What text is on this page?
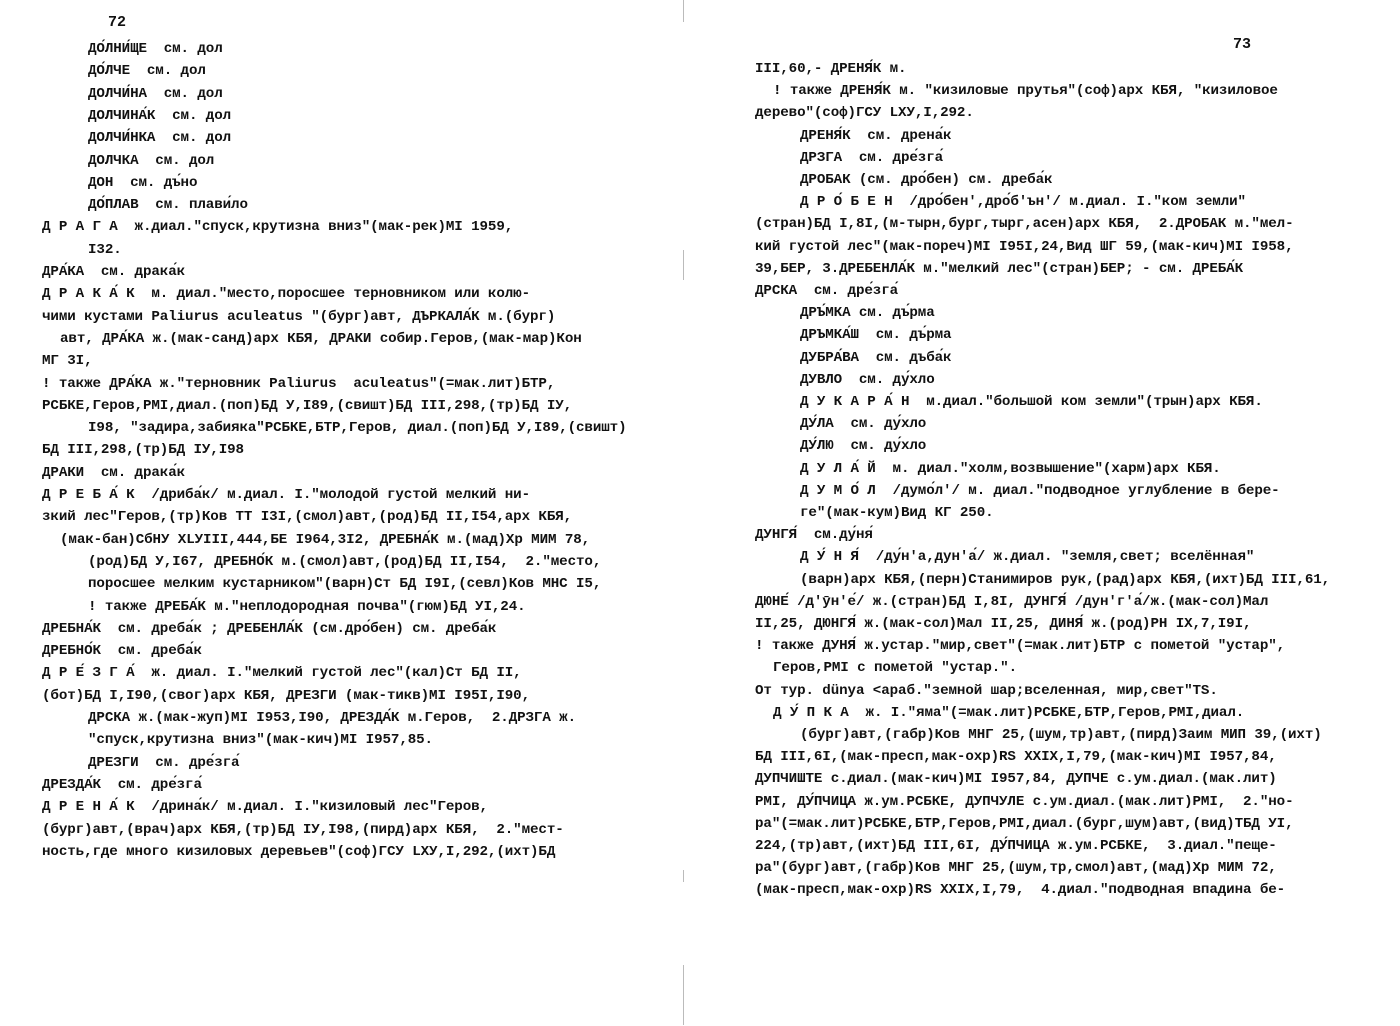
72
73
ДО́ЛНИ́ЩЕ  см. дол
ДО́ЛЧЕ  см. дол
ДОЛЧИ́НА  см. дол
ДОЛЧИНА́К  см. дол
ДОЛЧИ́НКА  см. дол
ДОЛЧКА  см. дол
ДОН  см. дъ́но
ДО́ПЛАВ  см. плави́ло
Д Р А Г А  ж.диал."спуск,крутизна вниз"(мак-рек)МI 1959,
I32.
ДРА́КА  см. драка́к
Д Р А К А́ К  м. диал."место,поросшее терновником или колю-
чими кустами Paliurus aculeatus "(бург)авт, ДЪРКАЛА́К м.(бург)
авт, ДРА́КА ж.(мак-санд)арх КБЯ, ДРАКИ собир.Геров,(мак-мар)Кон
МГ 3I,
! также ДРА́КА ж."терновник Paliurus  aculeatus"(=мак.лит)БТР,
РСБКЕ,Геров,РМI,диал.(поп)БД У,I89,(свишт)БД III,298,(тр)БД IУ,
I98, "задира,забияка"РСБКЕ,БТР,Геров, диал.(поп)БД У,I89,(свишт)
БД III,298,(тр)БД IУ,I98
ДРАКИ  см. драка́к
Д Р Е Б А́ К  /дриба́к/ м.диал. I."молодой густой мелкий ни-
зкий лес"Геров,(тр)Ков ТТ I3I,(смол)авт,(род)БД II,I54,арх КБЯ,
(мак-бан)СбНУ XLУIII,444,БЕ I964,3I2, ДРЕБНА́К м.(мад)Хр МИМ 78,
(род)БД У,I67, ДРЕБНО́К м.(смол)авт,(род)БД II,I54,  2."место,
поросшее мелким кустарником"(варн)Ст БД I9I,(севл)Ков МНС I5,
! также ДРЕБА́К м."неплодородная почва"(гюм)БД УI,24.
ДРЕБНА́К  см. дреба́к ; ДРЕБЕНЛА́К (см.дро́бен) см. дреба́к
ДРЕБНО́К  см. дреба́к
Д Р Е́ З Г А́  ж. диал. I."мелкий густой лес"(кал)Ст БД II,
(бот)БД I,I90,(свог)арх КБЯ, ДРЕЗГИ (мак-тикв)МI I95I,I90,
ДРСКА ж.(мак-жуп)МI I953,I90, ДРЕЗДА́К м.Геров,  2.ДРЗГА ж.
"спуск,крутизна вниз"(мак-кич)МI I957,85.
ДРЕЗГИ  см. дре́зга́
ДРЕЗДА́К  см. дре́зга́
Д Р Е Н А́ К  /дрина́к/ м.диал. I."кизиловый лес"Геров,
(бург)авт,(врач)арх КБЯ,(тр)БД IУ,I98,(пирд)арх КБЯ,  2."мест-
ность,где много кизиловых деревьев"(соф)ГСУ LXУ,I,292,(ихт)БД
III,60,- ДРЕНЯ́К м.
! также ДРЕНЯ́К м. "кизиловые прутья"(соф)арх КБЯ, "кизиловое
дерево"(соф)ГСУ LXУ,I,292.
ДРЕНЯ́К  см. дрена́к
ДРЗГА  см. дре́зга́
ДРОБАК (см. дро́бен) см. дреба́к
Д Р О́ Б Е Н  /дро́бен',дро́б'ън'/ м.диал. I."ком земли"
(стран)БД I,8I,(м-тырн,бург,тырг,асен)арх КБЯ,  2.ДРОБАК м."мел-
кий густой лес"(мак-пореч)МI I95I,24,Вид ШГ 59,(мак-кич)МI I958,
39,БЕР, 3.ДРЕБЕНЛА́К м."мелкий лес"(стран)БЕР; - см. ДРЕБА́К
ДРСКА  см. дре́зга́
ДРЪ́МКА см. дъ́рма
ДРЪМКА́Ш  см. дъ́рма
ДУБРА́ВА  см. дъба́к
ДУВЛО  см. ду́хло
Д У К А Р А́ Н  м.диал."большой ком земли"(трын)арх КБЯ.
ДУ́ЛА  см. ду́хло
ДУ́ЛЮ  см. ду́хло
Д У Л А́ Й  м. диал."холм,возвышение"(харм)арх КБЯ.
Д У М О́ Л  /думо́л'/ м. диал."подводное углубление в бере-
ге"(мак-кум)Вид КГ 250.
ДУНГЯ́  см.ду́ня́
Д У́ Н Я́  /ду́н'а,дун'а́/ ж.диал. "земля,свет; вселённая"
(варн)арх КБЯ,(перн)Станимиров рук,(рад)арх КБЯ,(ихт)БД III,61,
ДЮНЕ́ /д'ӯн'е́/ ж.(стран)БД I,8I, ДУНГЯ́ /дун'г'а́/ж.(мак-сол)Мал
II,25, ДЮНГЯ́ ж.(мак-сол)Мал II,25, ДИНЯ́ ж.(род)РН IX,7,I9I,
! также ДУНЯ́ ж.устар."мир,свет"(=мак.лит)БТР с пометой "устар",
Геров,РМI с пометой "устар.".
От тур. dünya <араб."земной шар;вселенная, мир,свет"TS.
Д У́ П К А  ж. I."яма"(=мак.лит)РСБКЕ,БТР,Геров,РМI,диал.
(бург)авт,(габр)Ков МНГ 25,(шум,тр)авт,(пирд)Заим МИП 39,(ихт)
БД III,6I,(мак-пресп,мак-охр)RS XXIX,I,79,(мак-кич)МI I957,84,
ДУПЧИШТЕ с.диал.(мак-кич)МI I957,84, ДУПЧЕ с.ум.диал.(мак.лит)
РМI, ДУ́ПЧИЦА ж.ум.РСБКЕ, ДУПЧУЛЕ с.ум.диал.(мак.лит)РМI,  2."но-
ра"(=мак.лит)РСБКЕ,БТР,Геров,РМI,диал.(бург,шум)авт,(вид)ТБД УI,
224,(тр)авт,(ихт)БД III,6I, ДУ́ПЧИЦА ж.ум.РСБКЕ,  3.диал."пеще-
ра"(бург)авт,(габр)Ков МНГ 25,(шум,тр,смол)авт,(мад)Хр МИМ 72,
(мак-пресп,мак-охр)RS XXIX,I,79,  4.диал."подводная впадина бе-
